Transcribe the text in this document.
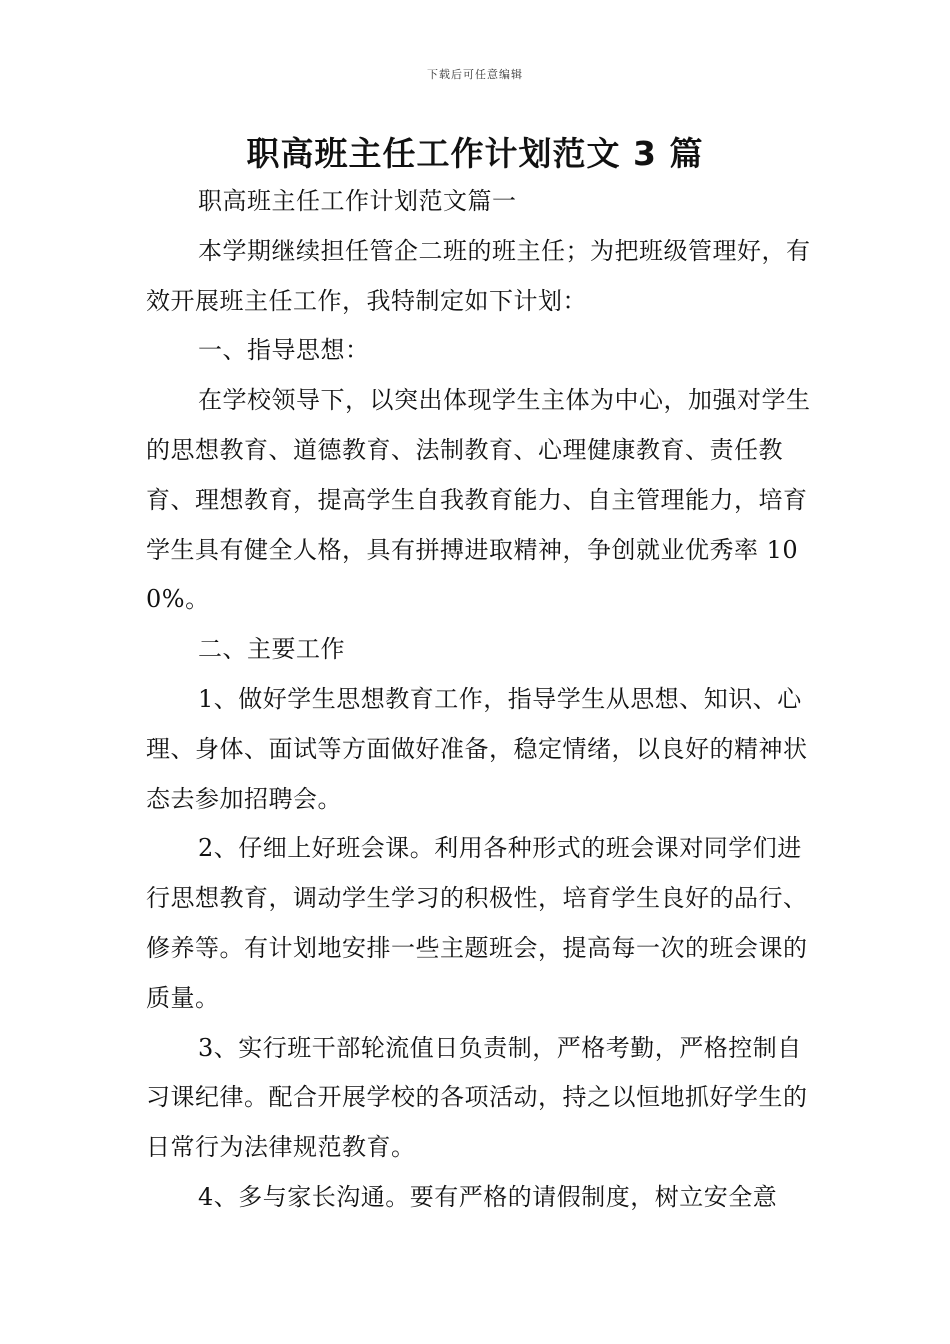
下载后可任意编辑
职高班主任工作计划范文 3 篇

职高班主任工作计划范文篇一

本学期继续担任管企二班的班主任；为把班级管理好，有效开展班主任工作，我特制定如下计划：

一、指导思想：

在学校领导下，以突出体现学生主体为中心，加强对学生的思想教育、道德教育、法制教育、心理健康教育、责任教育、理想教育，提高学生自我教育能力、自主管理能力，培育学生具有健全人格，具有拼搏进取精神，争创就业优秀率 100%。

二、主要工作

1、做好学生思想教育工作，指导学生从思想、知识、心理、身体、面试等方面做好准备，稳定情绪，以良好的精神状态去参加招聘会。

2、仔细上好班会课。利用各种形式的班会课对同学们进行思想教育，调动学生学习的积极性，培育学生良好的品行、修养等。有计划地安排一些主题班会，提高每一次的班会课的质量。

3、实行班干部轮流值日负责制，严格考勤，严格控制自习课纪律。配合开展学校的各项活动，持之以恒地抓好学生的日常行为法律规范教育。

4、多与家长沟通。要有严格的请假制度，树立安全意
